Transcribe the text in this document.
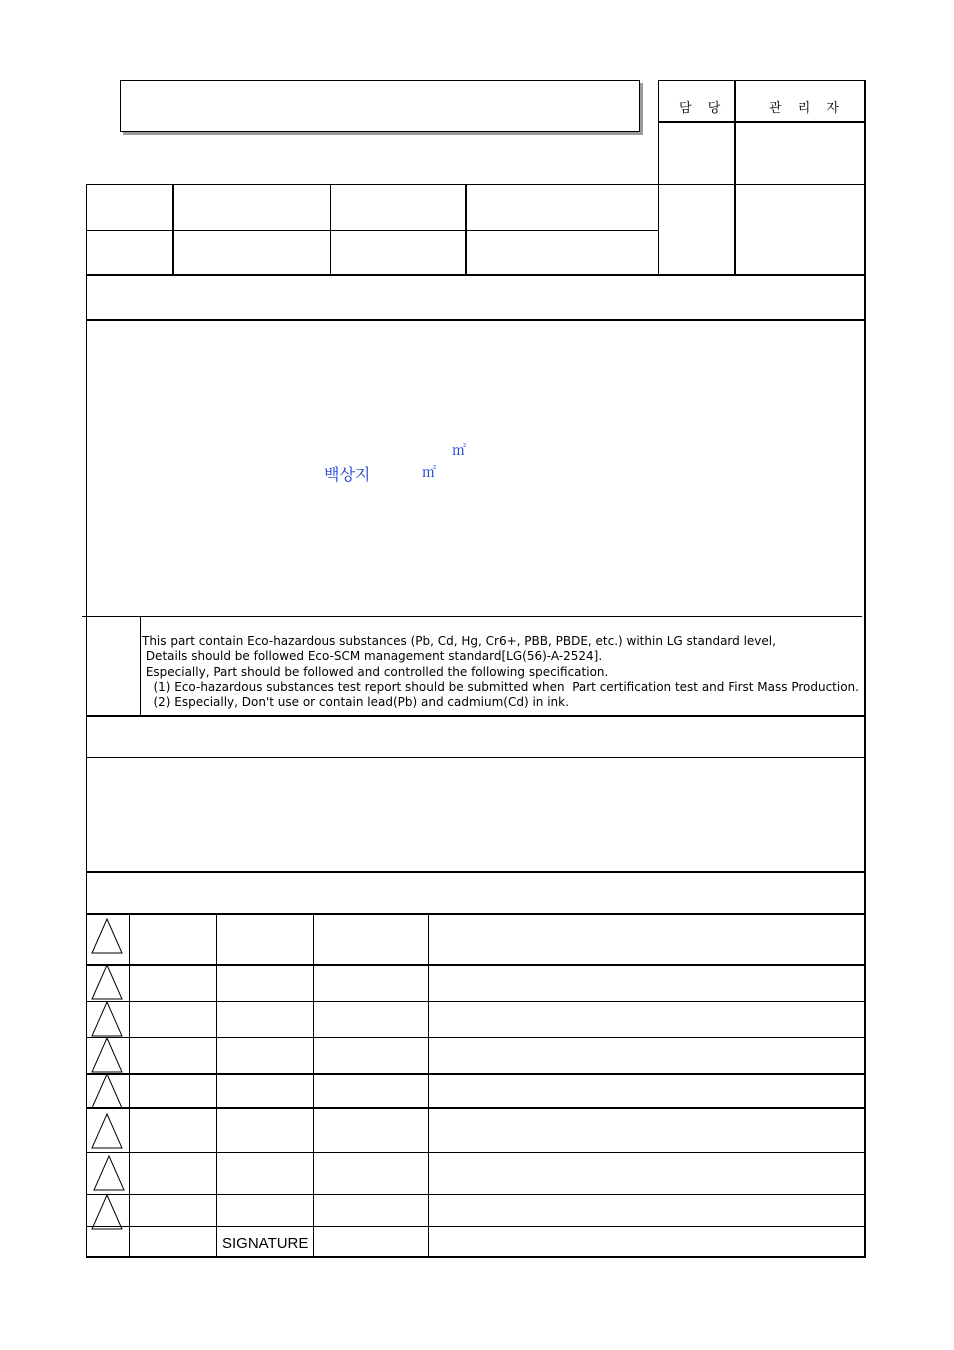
담 당	관 리 자
㎡
백상지	㎡
This part contain Eco-hazardous substances (Pb, Cd, Hg, Cr6+, PBB, PBDE, etc.) within LG standard level,
Details should be followed Eco-SCM management standard[LG(56)-A-2524].
Especially, Part should be followed and controlled the following specification.
(1) Eco-hazardous substances test report should be submitted when  Part certification test and First Mass Production.
(2) Especially, Don't use or contain lead(Pb) and cadmium(Cd) in ink.
SIGNATURE
